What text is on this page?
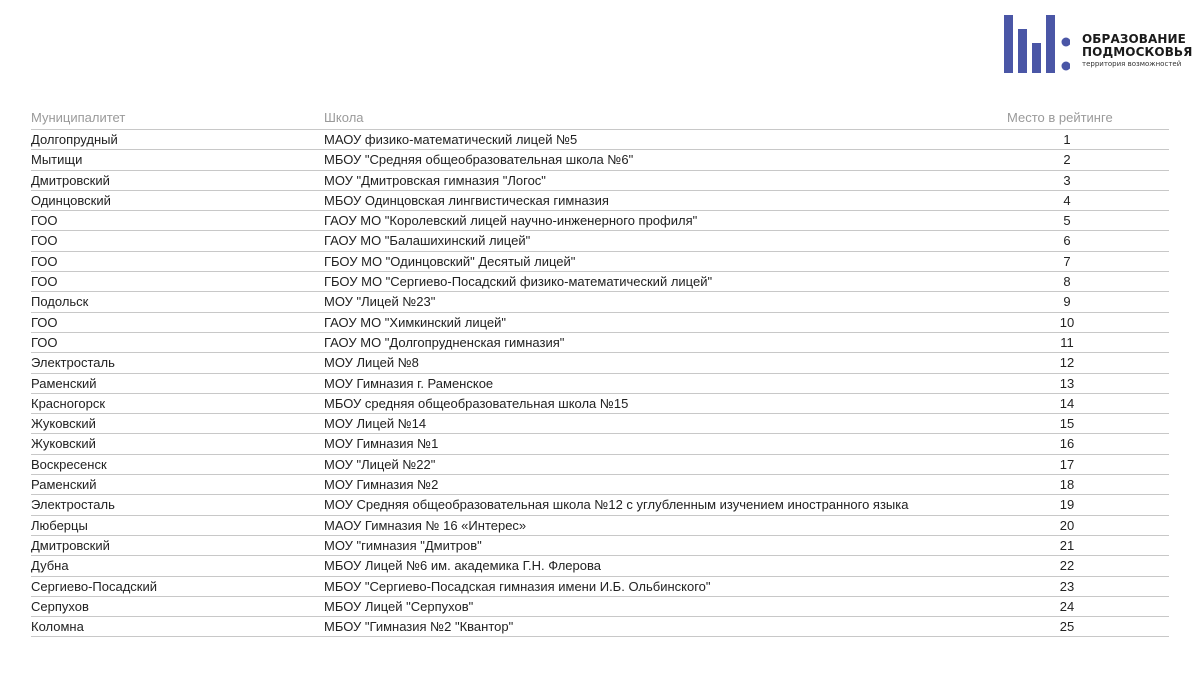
ОБРАЗОВАНИЕ
ПОДМОСКОВЬЯ
территория возможностей
Муниципалитет	Школа	Место в рейтинге
Долгопрудный	МАОУ физико-математический лицей №5	1
Мытищи	МБОУ "Средняя общеобразовательная школа №6"	2
Дмитровский	МОУ "Дмитровская гимназия "Логос"	3
Одинцовский	МБОУ Одинцовская лингвистическая гимназия	4
ГОО	ГАОУ МО "Королевский лицей научно-инженерного профиля"	5
ГОО	ГАОУ МО "Балашихинский лицей"	6
ГОО	ГБОУ МО "Одинцовский" Десятый лицей"	7
ГОО	ГБОУ МО "Сергиево-Посадский физико-математический лицей"	8
Подольск	МОУ "Лицей №23"	9
ГОО	ГАОУ МО "Химкинский лицей"	10
ГОО	ГАОУ МО "Долгопрудненская гимназия"	11
Электросталь	МОУ Лицей №8	12
Раменский	МОУ Гимназия г. Раменское	13
Красногорск	МБОУ средняя общеобразовательная школа №15	14
Жуковский	МОУ Лицей №14	15
Жуковский	МОУ Гимназия №1	16
Воскресенск	МОУ "Лицей №22"	17
Раменский	МОУ Гимназия №2	18
Электросталь	МОУ Средняя общеобразовательная школа №12 с углубленным изучением иностранного языка	19
Люберцы	МАОУ Гимназия № 16 «Интерес»	20
Дмитровский	МОУ "гимназия "Дмитров"	21
Дубна	МБОУ Лицей №6 им. академика Г.Н. Флерова	22
Сергиево-Посадский	МБОУ "Сергиево-Посадская гимназия имени И.Б. Ольбинского"	23
Серпухов	МБОУ Лицей "Серпухов"	24
Коломна	МБОУ "Гимназия №2 "Квантор"	25
